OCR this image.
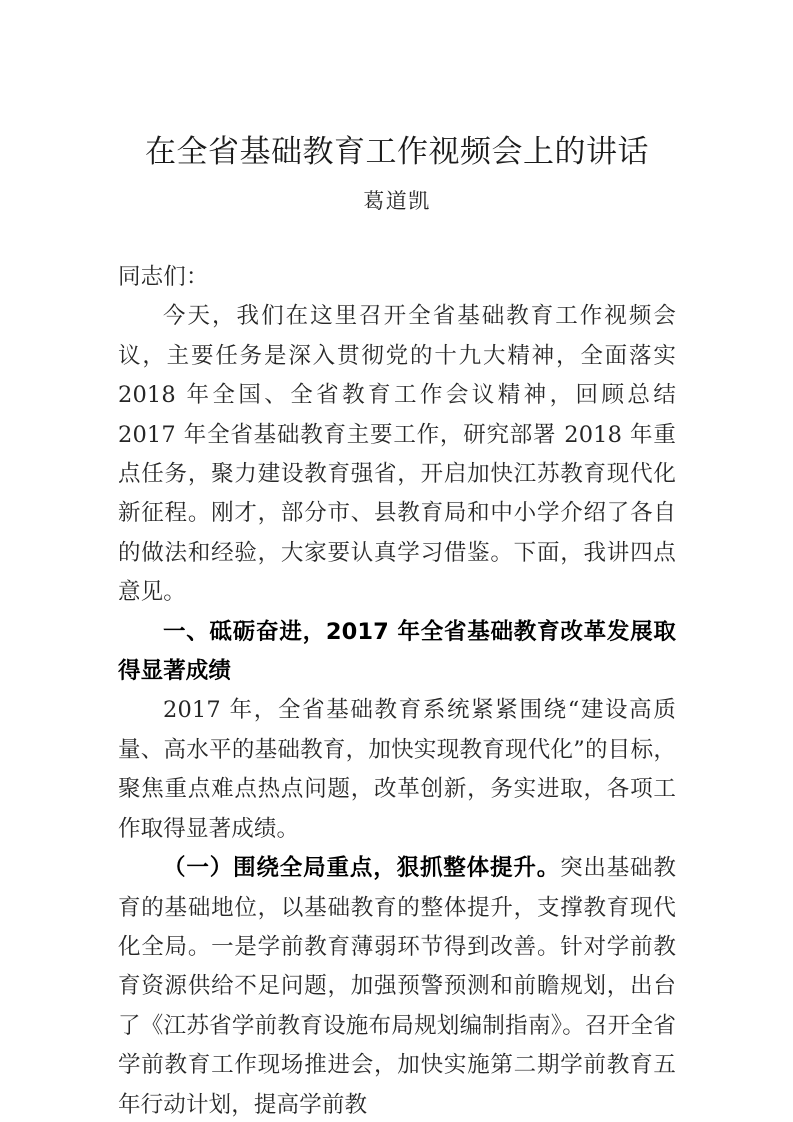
在全省基础教育工作视频会上的讲话
葛道凯

同志们：

今天，我们在这里召开全省基础教育工作视频会议，主要任务是深入贯彻党的十九大精神，全面落实 2018 年全国、全省教育工作会议精神，回顾总结 2017 年全省基础教育主要工作，研究部署 2018 年重点任务，聚力建设教育强省，开启加快江苏教育现代化新征程。刚才，部分市、县教育局和中小学介绍了各自的做法和经验，大家要认真学习借鉴。下面，我讲四点意见。

一、砥砺奋进，2017 年全省基础教育改革发展取得显著成绩

2017 年，全省基础教育系统紧紧围绕“建设高质量、高水平的基础教育，加快实现教育现代化”的目标，聚焦重点难点热点问题，改革创新，务实进取，各项工作取得显著成绩。

（一）围绕全局重点，狠抓整体提升。突出基础教育的基础地位，以基础教育的整体提升，支撑教育现代化全局。一是学前教育薄弱环节得到改善。针对学前教育资源供给不足问题，加强预警预测和前瞻规划，出台了《江苏省学前教育设施布局规划编制指南》。召开全省学前教育工作现场推进会，加快实施第二期学前教育五年行动计划，提高学前教
